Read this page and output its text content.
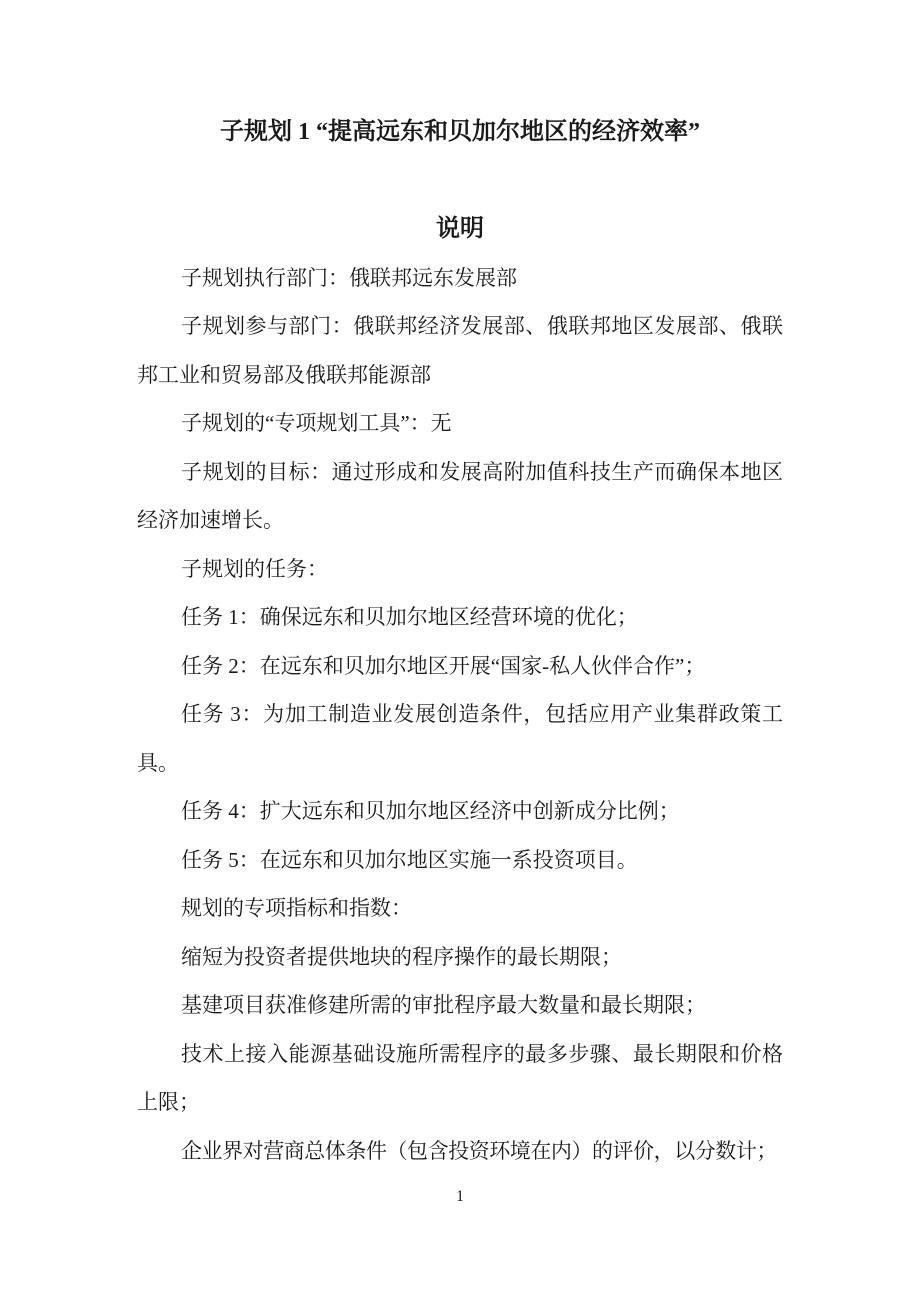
子规划 1 “提高远东和贝加尔地区的经济效率”
说明

子规划执行部门：俄联邦远东发展部

子规划参与部门：俄联邦经济发展部、俄联邦地区发展部、俄联邦工业和贸易部及俄联邦能源部

子规划的“专项规划工具”：无

子规划的目标：通过形成和发展高附加值科技生产而确保本地区经济加速增长。

子规划的任务：

任务 1：确保远东和贝加尔地区经营环境的优化；

任务 2：在远东和贝加尔地区开展“国家-私人伙伴合作”；

任务 3：为加工制造业发展创造条件，包括应用产业集群政策工具。

任务 4：扩大远东和贝加尔地区经济中创新成分比例；

任务 5：在远东和贝加尔地区实施一系投资项目。

规划的专项指标和指数：

缩短为投资者提供地块的程序操作的最长期限；

基建项目获准修建所需的审批程序最大数量和最长期限；

技术上接入能源基础设施所需程序的最多步骤、最长期限和价格上限；

企业界对营商总体条件（包含投资环境在内）的评价，以分数计；

1
